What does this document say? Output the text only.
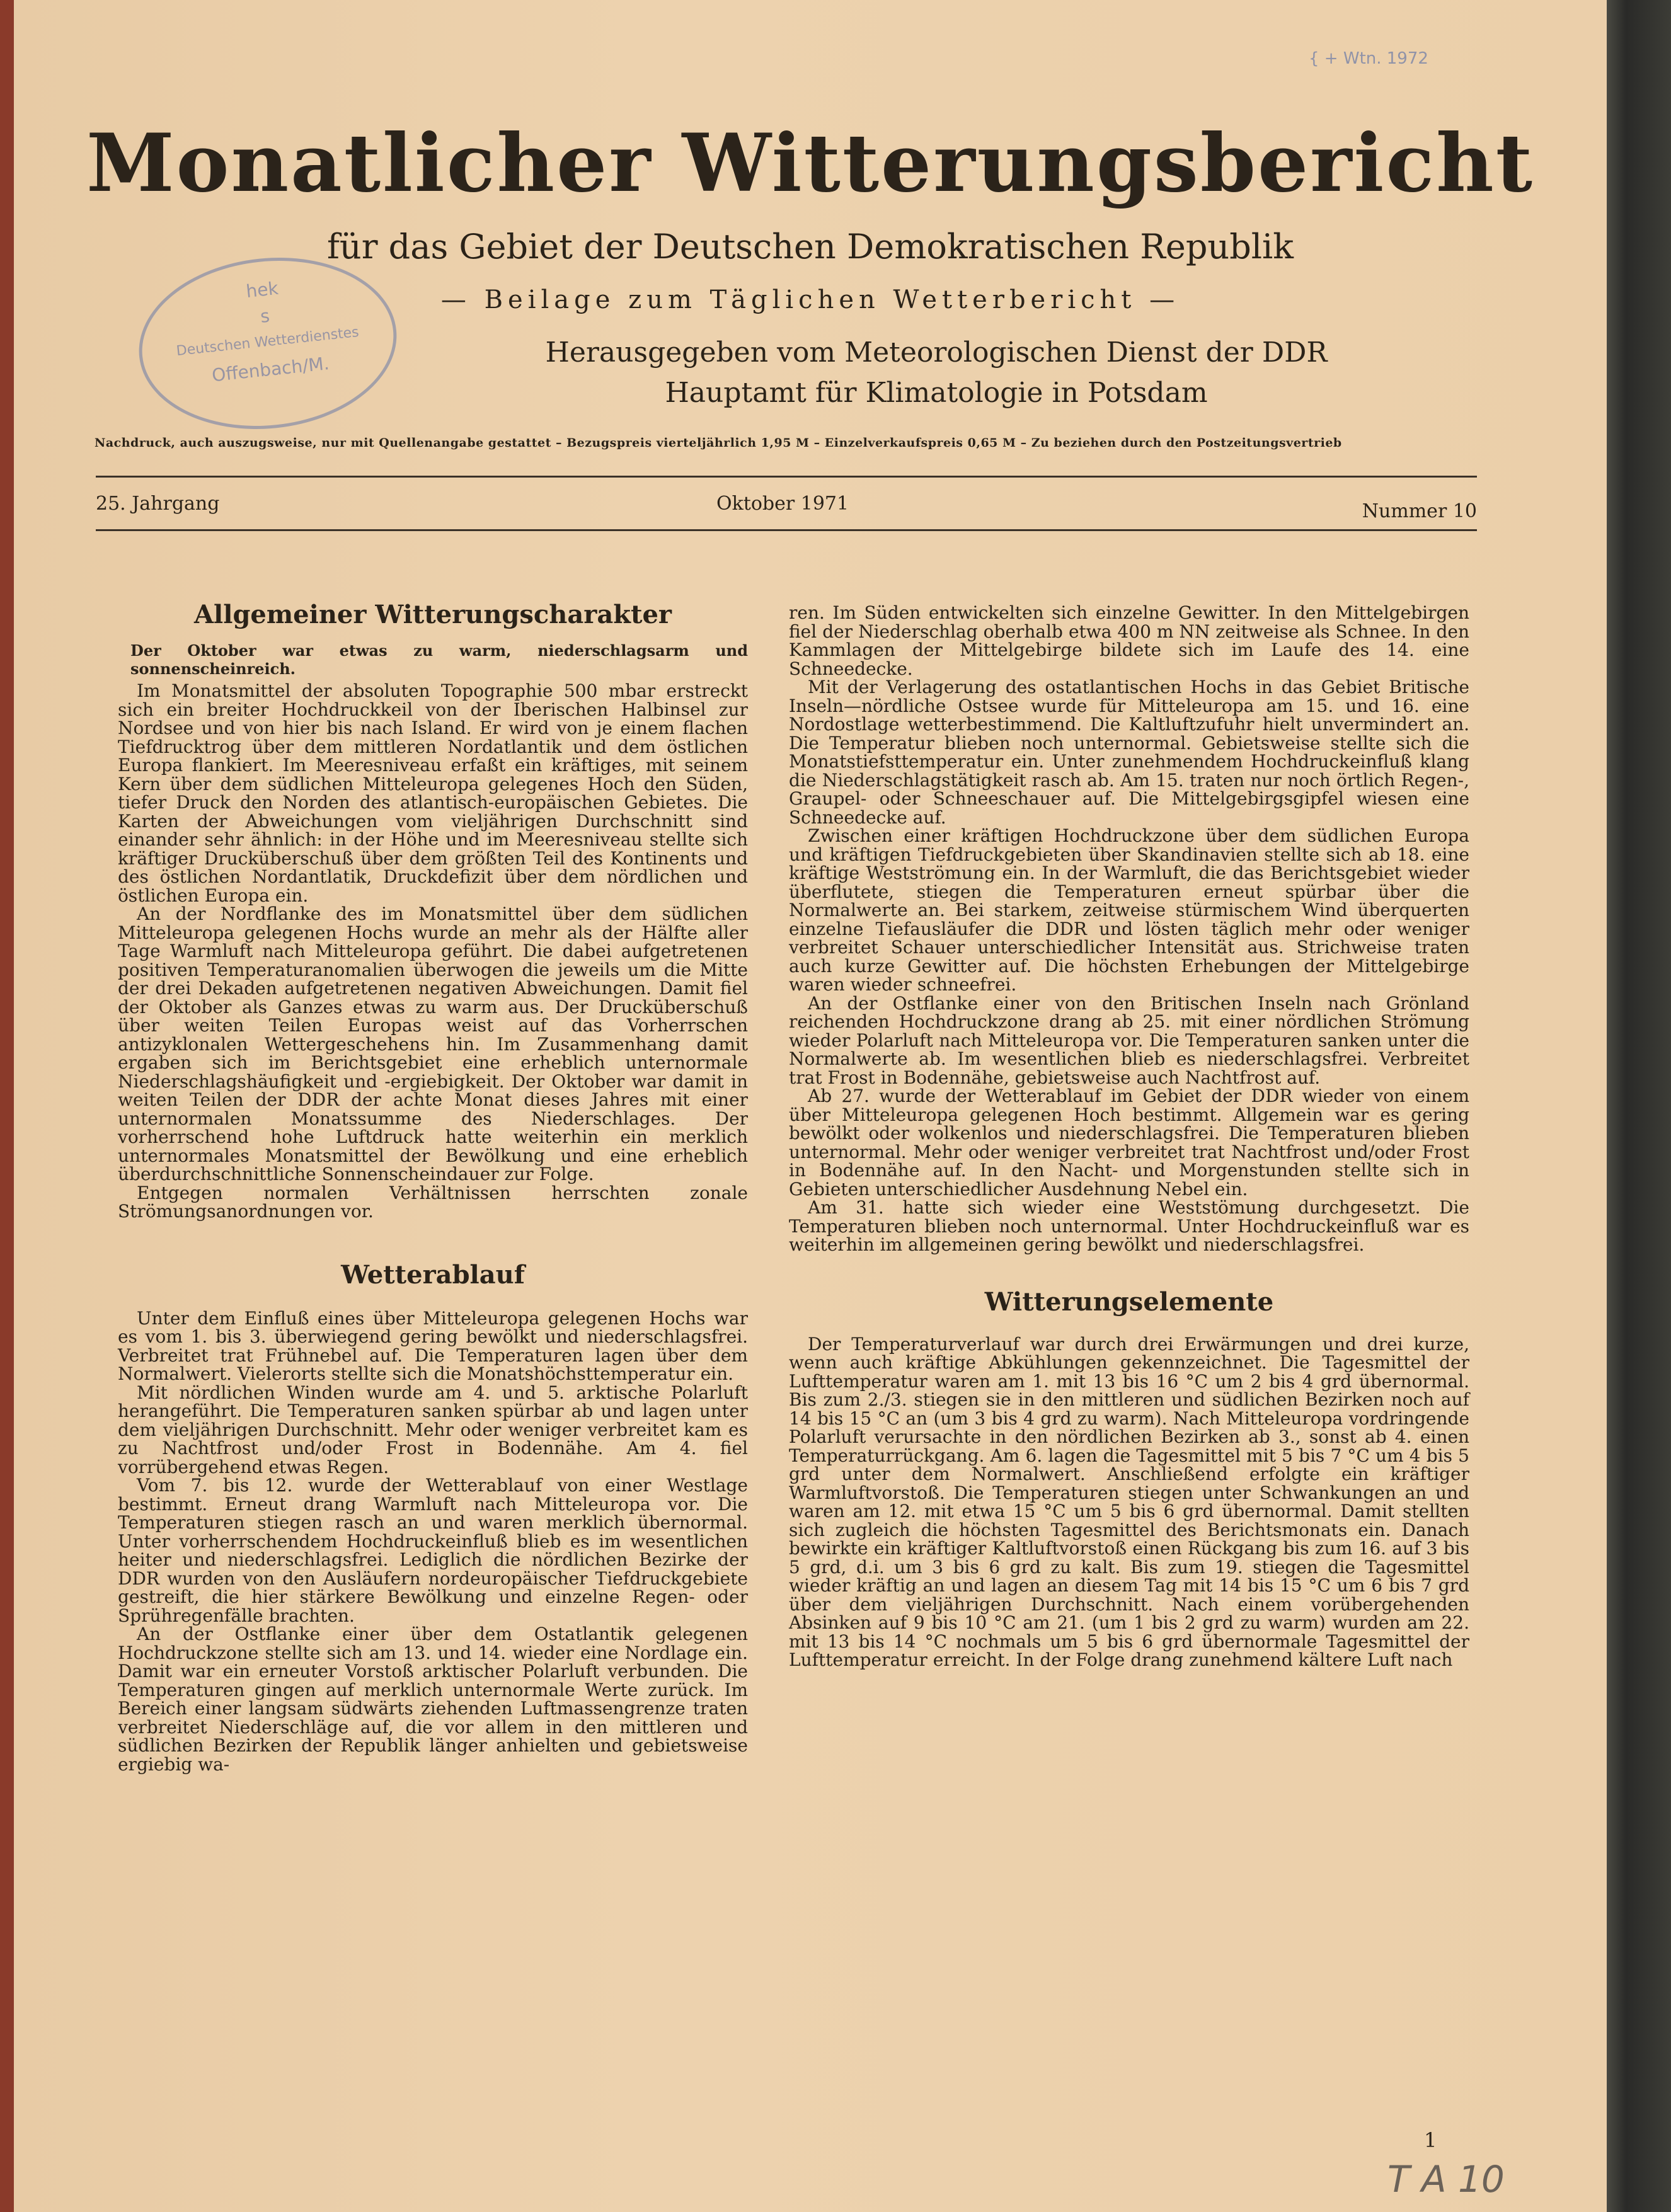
{ + Wtn. 1972
hek
s
Deutschen Wetterdienstes
Offenbach/M.
Monatlicher Witterungsbericht
für das Gebiet der Deutschen Demokratischen Republik
— Beilage zum Täglichen Wetterbericht —
Herausgegeben vom Meteorologischen Dienst der DDR
Hauptamt für Klimatologie in Potsdam
Nachdruck, auch auszugsweise, nur mit Quellenangabe gestattet – Bezugspreis vierteljährlich 1,95 M – Einzelverkaufspreis 0,65 M – Zu beziehen durch den Postzeitungsvertrieb
25. Jahrgang	Oktober 1971	Nummer 10
Allgemeiner Witterungscharakter

Der Oktober war etwas zu warm, niederschlagsarm und sonnenscheinreich.

Im Monatsmittel der absoluten Topographie 500 mbar erstreckt sich ein breiter Hochdruckkeil von der Iberischen Halbinsel zur Nordsee und von hier bis nach Island. Er wird von je einem flachen Tiefdrucktrog über dem mittleren Nordatlantik und dem östlichen Europa flankiert. Im Meeresniveau erfaßt ein kräftiges, mit seinem Kern über dem südlichen Mitteleuropa gelegenes Hoch den Süden, tiefer Druck den Norden des atlantisch-europäischen Gebietes. Die Karten der Abweichungen vom vieljährigen Durchschnitt sind einander sehr ähnlich: in der Höhe und im Meeresniveau stellte sich kräftiger Drucküberschuß über dem größten Teil des Kontinents und des östlichen Nordantlatik, Druckdefizit über dem nördlichen und östlichen Europa ein.

An der Nordflanke des im Monatsmittel über dem südlichen Mitteleuropa gelegenen Hochs wurde an mehr als der Hälfte aller Tage Warmluft nach Mitteleuropa geführt. Die dabei aufgetretenen positiven Temperaturanomalien überwogen die jeweils um die Mitte der drei Dekaden aufgetretenen negativen Abweichungen. Damit fiel der Oktober als Ganzes etwas zu warm aus. Der Drucküberschuß über weiten Teilen Europas weist auf das Vorherrschen antizyklonalen Wettergeschehens hin. Im Zusammenhang damit ergaben sich im Berichtsgebiet eine erheblich unternormale Niederschlagshäufigkeit und -ergiebigkeit. Der Oktober war damit in weiten Teilen der DDR der achte Monat dieses Jahres mit einer unternormalen Monatssumme des Niederschlages. Der vorherrschend hohe Luftdruck hatte weiterhin ein merklich unternormales Monatsmittel der Bewölkung und eine erheblich überdurchschnittliche Sonnenscheindauer zur Folge.

Entgegen normalen Verhältnissen herrschten zonale Strömungsanordnungen vor.

Wetterablauf

Unter dem Einfluß eines über Mitteleuropa gelegenen Hochs war es vom 1. bis 3. überwiegend gering bewölkt und niederschlagsfrei. Verbreitet trat Frühnebel auf. Die Temperaturen lagen über dem Normalwert. Vielerorts stellte sich die Monatshöchsttemperatur ein.

Mit nördlichen Winden wurde am 4. und 5. arktische Polarluft herangeführt. Die Temperaturen sanken spürbar ab und lagen unter dem vieljährigen Durchschnitt. Mehr oder weniger verbreitet kam es zu Nachtfrost und/oder Frost in Bodennähe. Am 4. fiel vorrübergehend etwas Regen.

Vom 7. bis 12. wurde der Wetterablauf von einer Westlage bestimmt. Erneut drang Warmluft nach Mitteleuropa vor. Die Temperaturen stiegen rasch an und waren merklich übernormal. Unter vorherrschendem Hochdruckeinfluß blieb es im wesentlichen heiter und niederschlagsfrei. Lediglich die nördlichen Bezirke der DDR wurden von den Ausläufern nordeuropäischer Tiefdruckgebiete gestreift, die hier stärkere Bewölkung und einzelne Regen- oder Sprühregenfälle brachten.

An der Ostflanke einer über dem Ostatlantik gelegenen Hochdruckzone stellte sich am 13. und 14. wieder eine Nordlage ein. Damit war ein erneuter Vorstoß arktischer Polarluft verbunden. Die Temperaturen gingen auf merklich unternormale Werte zurück. Im Bereich einer langsam südwärts ziehenden Luftmassengrenze traten verbreitet Niederschläge auf, die vor allem in den mittleren und südlichen Bezirken der Republik länger anhielten und gebietsweise ergiebig wa-

ren. Im Süden entwickelten sich einzelne Gewitter. In den Mittelgebirgen fiel der Niederschlag oberhalb etwa 400 m NN zeitweise als Schnee. In den Kammlagen der Mittelgebirge bildete sich im Laufe des 14. eine Schneedecke.

Mit der Verlagerung des ostatlantischen Hochs in das Gebiet Britische Inseln—nördliche Ostsee wurde für Mitteleuropa am 15. und 16. eine Nordostlage wetterbestimmend. Die Kaltluftzufuhr hielt unvermindert an. Die Temperatur blieben noch unternormal. Gebietsweise stellte sich die Monatstiefsttemperatur ein. Unter zunehmendem Hochdruckeinfluß klang die Niederschlagstätigkeit rasch ab. Am 15. traten nur noch örtlich Regen-, Graupel- oder Schneeschauer auf. Die Mittelgebirgsgipfel wiesen eine Schneedecke auf.

Zwischen einer kräftigen Hochdruckzone über dem südlichen Europa und kräftigen Tiefdruckgebieten über Skandinavien stellte sich ab 18. eine kräftige Westströmung ein. In der Warmluft, die das Berichtsgebiet wieder überflutete, stiegen die Temperaturen erneut spürbar über die Normalwerte an. Bei starkem, zeitweise stürmischem Wind überquerten einzelne Tiefausläufer die DDR und lösten täglich mehr oder weniger verbreitet Schauer unterschiedlicher Intensität aus. Strichweise traten auch kurze Gewitter auf. Die höchsten Erhebungen der Mittelgebirge waren wieder schneefrei.

An der Ostflanke einer von den Britischen Inseln nach Grönland reichenden Hochdruckzone drang ab 25. mit einer nördlichen Strömung wieder Polarluft nach Mitteleuropa vor. Die Temperaturen sanken unter die Normalwerte ab. Im wesentlichen blieb es niederschlagsfrei. Verbreitet trat Frost in Bodennähe, gebietsweise auch Nachtfrost auf.

Ab 27. wurde der Wetterablauf im Gebiet der DDR wieder von einem über Mitteleuropa gelegenen Hoch bestimmt. Allgemein war es gering bewölkt oder wolkenlos und niederschlagsfrei. Die Temperaturen blieben unternormal. Mehr oder weniger verbreitet trat Nachtfrost und/oder Frost in Bodennähe auf. In den Nacht- und Morgenstunden stellte sich in Gebieten unterschiedlicher Ausdehnung Nebel ein.

Am 31. hatte sich wieder eine Weststömung durchgesetzt. Die Temperaturen blieben noch unternormal. Unter Hochdruckeinfluß war es weiterhin im allgemeinen gering bewölkt und niederschlagsfrei.

Witterungselemente

Der Temperaturverlauf war durch drei Erwärmungen und drei kurze, wenn auch kräftige Abkühlungen gekennzeichnet. Die Tagesmittel der Lufttemperatur waren am 1. mit 13 bis 16 °C um 2 bis 4 grd übernormal. Bis zum 2./3. stiegen sie in den mittleren und südlichen Bezirken noch auf 14 bis 15 °C an (um 3 bis 4 grd zu warm). Nach Mitteleuropa vordringende Polarluft verursachte in den nördlichen Bezirken ab 3., sonst ab 4. einen Temperaturrückgang. Am 6. lagen die Tagesmittel mit 5 bis 7 °C um 4 bis 5 grd unter dem Normalwert. Anschließend erfolgte ein kräftiger Warmluftvorstoß. Die Temperaturen stiegen unter Schwankungen an und waren am 12. mit etwa 15 °C um 5 bis 6 grd übernormal. Damit stellten sich zugleich die höchsten Tagesmittel des Berichtsmonats ein. Danach bewirkte ein kräftiger Kaltluftvorstoß einen Rückgang bis zum 16. auf 3 bis 5 grd, d.i. um 3 bis 6 grd zu kalt. Bis zum 19. stiegen die Tagesmittel wieder kräftig an und lagen an diesem Tag mit 14 bis 15 °C um 6 bis 7 grd über dem vieljährigen Durchschnitt. Nach einem vorübergehenden Absinken auf 9 bis 10 °C am 21. (um 1 bis 2 grd zu warm) wurden am 22. mit 13 bis 14 °C nochmals um 5 bis 6 grd übernormale Tagesmittel der Lufttemperatur erreicht. In der Folge drang zunehmend kältere Luft nach

1
T A 10
